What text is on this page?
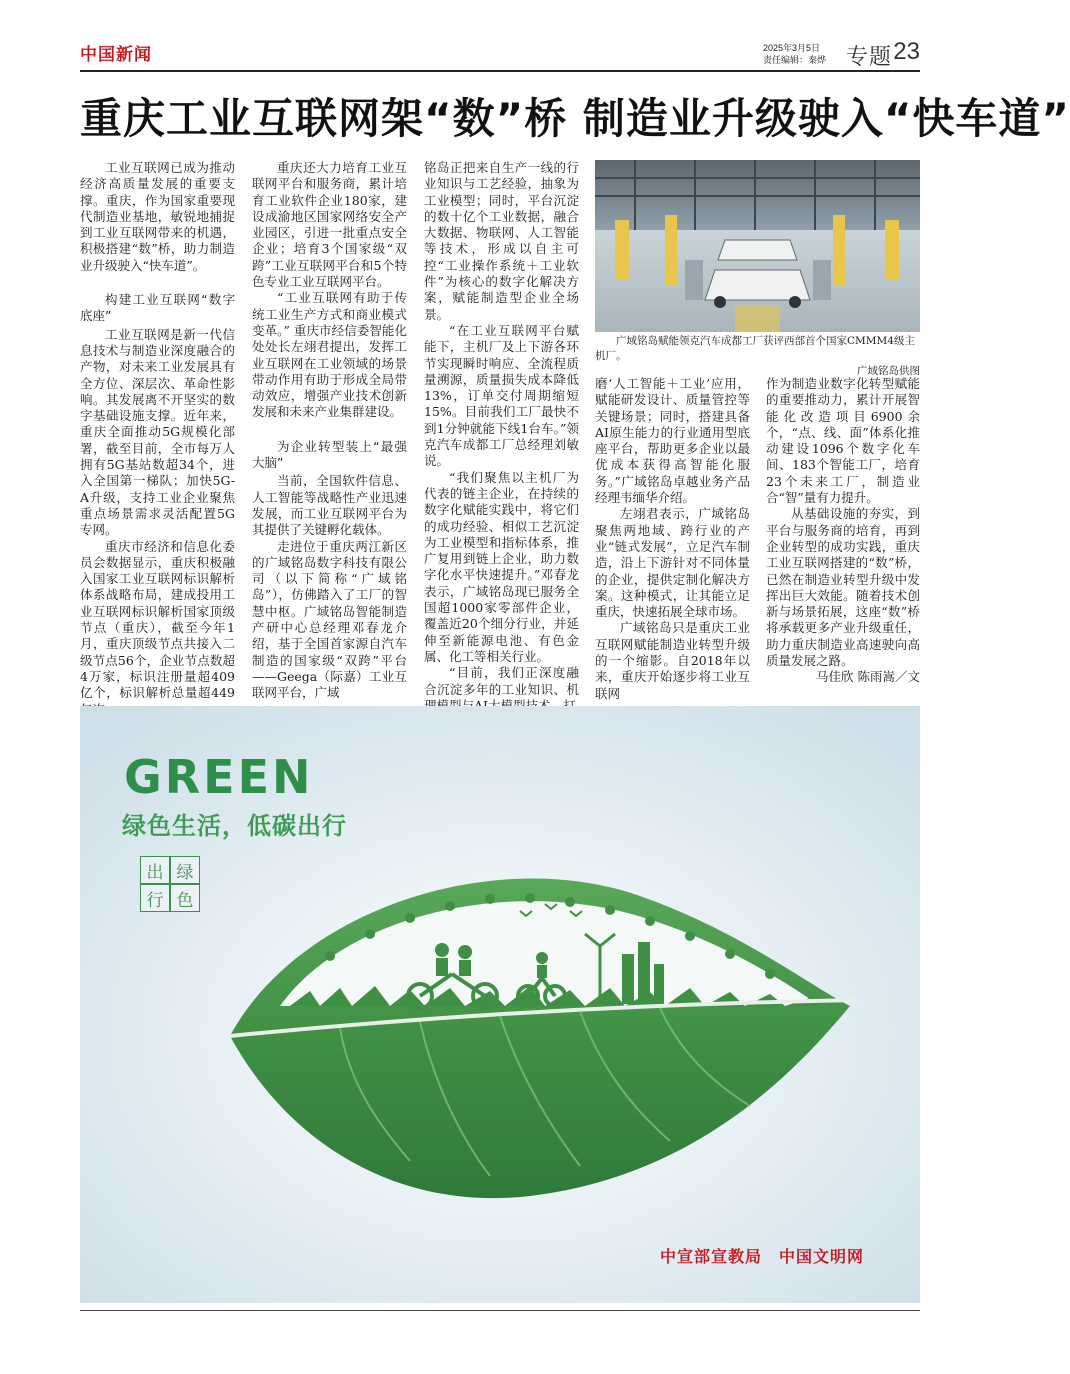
中国新闻	2025年3月5日
责任编辑：秦烨 专题 23
重庆工业互联网架“数”桥 制造业升级驶入“快车道”

工业互联网已成为推动经济高质量发展的重要支撑。重庆，作为国家重要现代制造业基地，敏锐地捕捉到工业互联网带来的机遇，积极搭建“数”桥，助力制造业升级驶入“快车道”。

构建工业互联网“数字底座”

工业互联网是新一代信息技术与制造业深度融合的产物，对未来工业发展具有全方位、深层次、革命性影响。其发展离不开坚实的数字基础设施支撑。近年来，重庆全面推动5G规模化部署，截至目前，全市每万人拥有5G基站数超34个，进入全国第一梯队；加快5G-A升级，支持工业企业聚焦重点场景需求灵活配置5G专网。

重庆市经济和信息化委员会数据显示，重庆积极融入国家工业互联网标识解析体系战略布局，建成投用工业互联网标识解析国家顶级节点（重庆），截至今年1月，重庆顶级节点共接入二级节点56个，企业节点数超4万家，标识注册量超409亿个，标识解析总量超449

重庆还大力培育工业互联网平台和服务商，累计培育工业软件企业180家，建设成渝地区国家网络安全产业园区，引进一批重点安全企业；培育3个国家级“双跨”工业互联网平台和5个特色专业工业互联网平台。

“工业互联网有助于传统工业生产方式和商业模式变革。” 重庆市经信委智能化处处长左翊君提出，发挥工业互联网在工业领域的场景带动作用有助于形成全局带动效应，增强产业技术创新发展和未来产业集群建设。

为企业转型装上“最强大脑”

当前，全国软件信息、人工智能等战略性产业迅速发展，而工业互联网平台为其提供了关键孵化载体。

走进位于重庆两江新区的广域铭岛数字科技有限公司（以下简称“广域铭岛”），仿佛踏入了工厂的智慧中枢。广域铭岛智能制造产研中心总经理邓春龙介绍，基于全国首家源自汽车制造的国家级“双跨”平台——Geega（际嘉）工业互联网平台，广域

铭岛正把来自生产一线的行业知识与工艺经验，抽象为工业模型；同时，平台沉淀的数十亿个工业数据，融合大数据、物联网、人工智能等技术，形成以自主可控“工业操作系统＋工业软件”为核心的数字化解决方案，赋能制造型企业全场景。

“在工业互联网平台赋能下，主机厂及上下游各环节实现瞬时响应、全流程质量溯源，质量损失成本降低13%，订单交付周期缩短15%。目前我们工厂最快不到1分钟就能下线1台车。”领克汽车成都工厂总经理刘敏说。

“我们聚焦以主机厂为代表的链主企业，在持续的数字化赋能实践中，将它们的成功经验、相似工艺沉淀为工业模型和指标体系，推广复用到链上企业，助力数字化水平快速提升。”邓春龙表示，广域铭岛现已服务全国超1000家零部件企业，覆盖近20个细分行业，并延伸至新能源电池、有色金属、化工等相关行业。

“目前，我们正深度融合沉淀多年的工业知识、机

广域铭岛赋能领克汽车成都工厂获评西部首个国家CMMM4级主机厂。
广域铭岛供图

磨‘人工智能＋工业’应用，赋能研发设计、质量管控等关键场景；同时，搭建具备AI原生能力的行业通用型底座平台，帮助更多企业以最优成本获得高智能化服务。”广域铭岛卓越业务产品经理韦缅华介绍。

左翊君表示，广域铭岛聚焦两地域、跨行业的产业“链式发展”，立足汽车制造，沿上下游针对不同体量的企业，提供定制化解决方案。这种模式，让其能立足重庆，快速拓展全球市场。

广域铭岛只是重庆工业互联网赋能制造业转型升级的一个缩影。自2018年以来，重庆开始逐步将工业互联网

作为制造业数字化转型赋能的重要推动力，累计开展智能化改造项目6900余个，“点、线、面”体系化推动建设1096个数字化车间、183个智能工厂，培育23个未来工厂，制造业合“智”量有力提升。

从基础设施的夯实，到平台与服务商的培育，再到企业转型的成功实践，重庆工业互联网搭建的“数”桥，已然在制造业转型升级中发挥出巨大效能。随着技术创新与场景拓展，这座“数”桥将承载更多产业升级重任，助力重庆制造业高速驶向高质量发展之路。

马佳欣 陈雨嵩／文

GREEN
绿色生活，低碳出行
出 绿
行 色
中宣部宣教局　中国文明网
